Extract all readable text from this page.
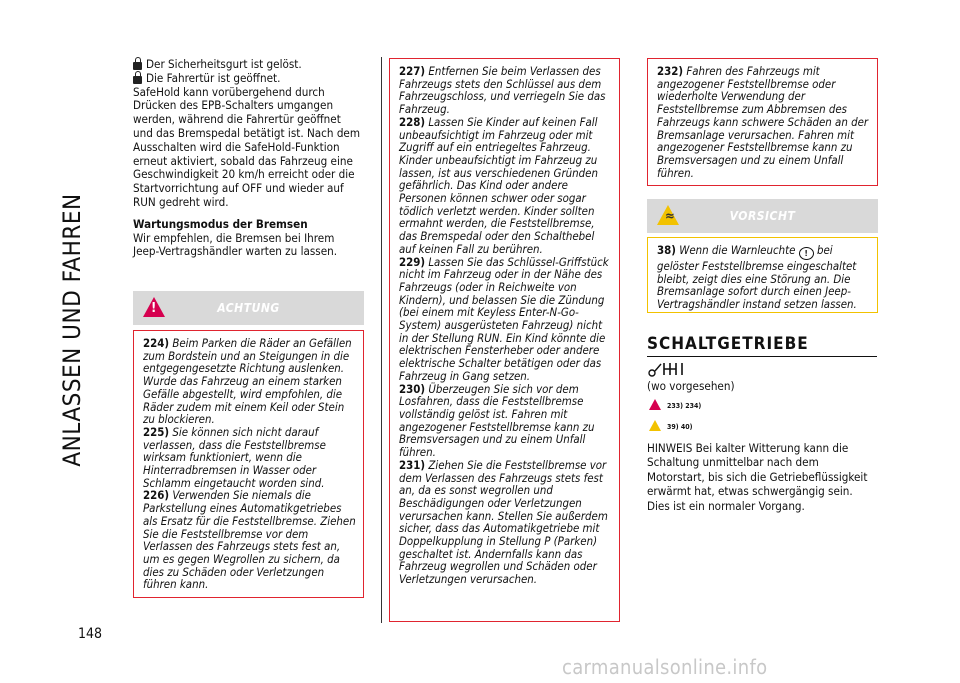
ANLASSEN UND FAHREN
148
Der Sicherheitsgurt ist gelöst.
Die Fahrertür ist geöffnet.

SafeHold kann vorübergehend durch Drücken des EPB-Schalters umgangen werden, während die Fahrertür geöffnet und das Bremspedal betätigt ist. Nach dem Ausschalten wird die SafeHold-Funktion erneut aktiviert, sobald das Fahrzeug eine Geschwindigkeit 20 km/h erreicht oder die Startvorrichtung auf OFF und wieder auf RUN gedreht wird.

Wartungsmodus der Bremsen

Wir empfehlen, die Bremsen bei Ihrem Jeep-Vertragshändler warten zu lassen.

!	ACHTUNG

224) Beim Parken die Räder an Gefällen zum Bordstein und an Steigungen in die entgegengesetzte Richtung auslenken. Wurde das Fahrzeug an einem starken Gefälle abgestellt, wird empfohlen, die Räder zudem mit einem Keil oder Stein zu blockieren.

225) Sie können sich nicht darauf verlassen, dass die Feststellbremse wirksam funktioniert, wenn die Hinterradbremsen in Wasser oder Schlamm eingetaucht worden sind.

226) Verwenden Sie niemals die Parkstellung eines Automatikgetriebes als Ersatz für die Feststellbremse. Ziehen Sie die Feststellbremse vor dem Verlassen des Fahrzeugs stets fest an, um es gegen Wegrollen zu sichern, da dies zu Schäden oder Verletzungen führen kann.

227) Entfernen Sie beim Verlassen des Fahrzeugs stets den Schlüssel aus dem Fahrzeugschloss, und verriegeln Sie das Fahrzeug.

228) Lassen Sie Kinder auf keinen Fall unbeaufsichtigt im Fahrzeug oder mit Zugriff auf ein entriegeltes Fahrzeug. Kinder unbeaufsichtigt im Fahrzeug zu lassen, ist aus verschiedenen Gründen gefährlich. Das Kind oder andere Personen können schwer oder sogar tödlich verletzt werden. Kinder sollten ermahnt werden, die Feststellbremse, das Bremspedal oder den Schalthebel auf keinen Fall zu berühren.

229) Lassen Sie das Schlüssel-Griffstück nicht im Fahrzeug oder in der Nähe des Fahrzeugs (oder in Reichweite von Kindern), und belassen Sie die Zündung (bei einem mit Keyless Enter-N-Go-System) ausgerüsteten Fahrzeug) nicht in der Stellung RUN. Ein Kind könnte die elektrischen Fensterheber oder andere elektrische Schalter betätigen oder das Fahrzeug in Gang setzen.

230) Überzeugen Sie sich vor dem Losfahren, dass die Feststellbremse vollständig gelöst ist. Fahren mit angezogener Feststellbremse kann zu Bremsversagen und zu einem Unfall führen.

231) Ziehen Sie die Feststellbremse vor dem Verlassen des Fahrzeugs stets fest an, da es sonst wegrollen und Beschädigungen oder Verletzungen verursachen kann. Stellen Sie außerdem sicher, dass das Automatikgetriebe mit Doppelkupplung in Stellung P (Parken) geschaltet ist. Andernfalls kann das Fahrzeug wegrollen und Schäden oder Verletzungen verursachen.

232) Fahren des Fahrzeugs mit angezogener Feststellbremse oder wiederholte Verwendung der Feststellbremse zum Abbremsen des Fahrzeugs kann schwere Schäden an der Bremsanlage verursachen. Fahren mit angezogener Feststellbremse kann zu Bremsversagen und zu einem Unfall führen.

≈	VORSICHT

38) Wenn die Warnleuchte ! bei gelöster Feststellbremse eingeschaltet bleibt, zeigt dies eine Störung an. Die Bremsanlage sofort durch einen Jeep-Vertragshändler instand setzen lassen.

SCHALTGETRIEBE
(wo vorgesehen)
233) 234)
39) 40)
HINWEIS Bei kalter Witterung kann die Schaltung unmittelbar nach dem Motorstart, bis sich die Getriebeflüssigkeit erwärmt hat, etwas schwergängig sein. Dies ist ein normaler Vorgang.
carmanualsonline.info
